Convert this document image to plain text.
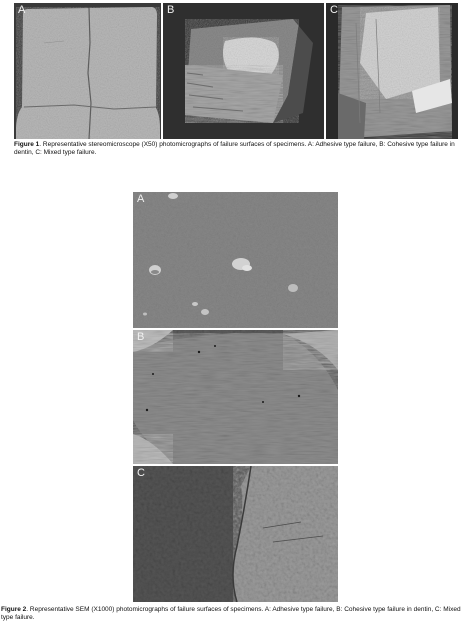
A	B	C
Figure 1. Representative stereomicroscope (X50) photomicrographs of failure surfaces of specimens. A: Adhesive type failure, B: Cohesive type failure in dentin, C: Mixed type failure.
A
B
C
Figure 2. Representative SEM (X1000) photomicrographs of failure surfaces of specimens. A: Adhesive type failure, B: Cohesive type failure in dentin, C: Mixed type failure.
